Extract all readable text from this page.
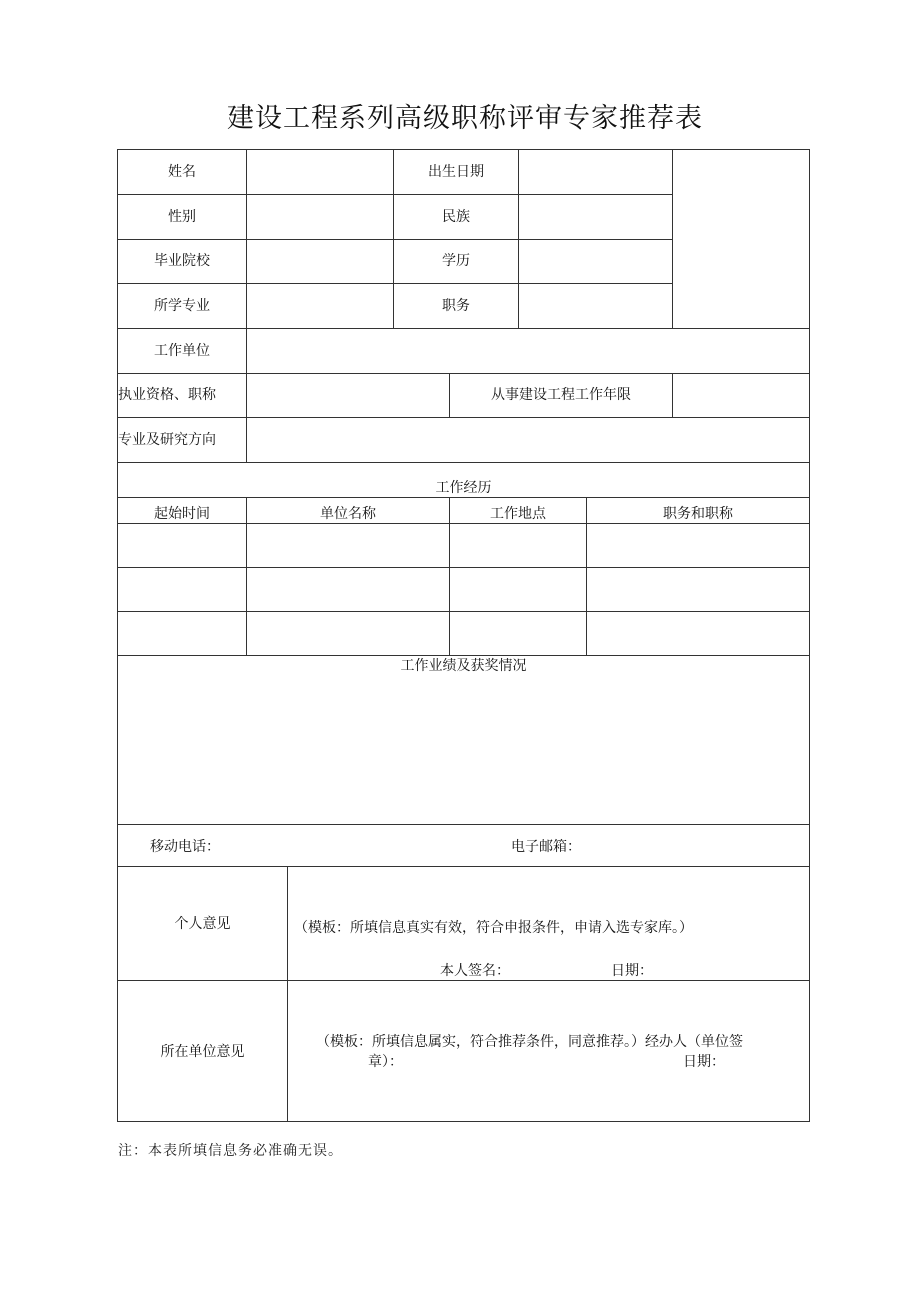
建设工程系列高级职称评审专家推荐表
姓名	出生日期
性别	民族
毕业院校	学历
所学专业	职务
工作单位
执业资格、职称	从事建设工程工作年限
专业及研究方向
工作经历
起始时间	单位名称	工作地点	职务和职称
工作业绩及获奖情况
移动电话：	电子邮箱：
个人意见	（模板：所填信息真实有效，符合申报条件，申请入选专家库。）
本人签名：	日期：
所在单位意见
（模板：所填信息属实，符合推荐条件，同意推荐。）经办人（单位签
章）：	日期：
注：本表所填信息务必准确无误。
